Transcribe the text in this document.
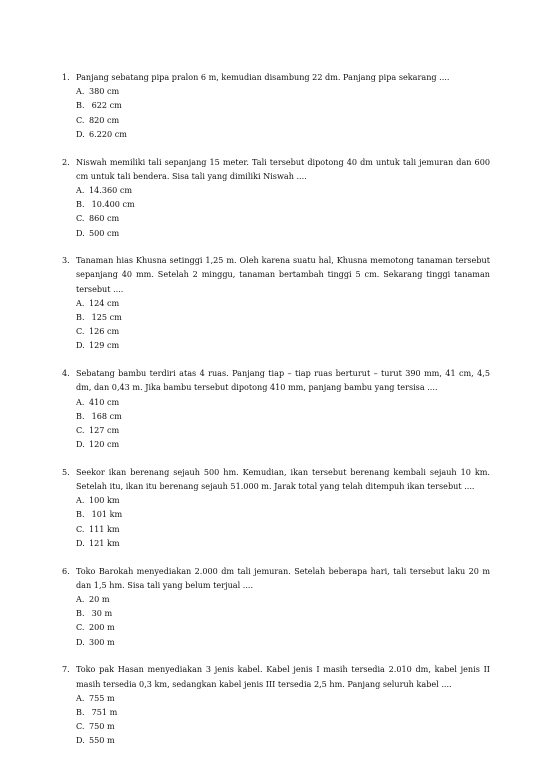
1. Panjang sebatang pipa pralon 6 m, kemudian disambung 22 dm. Panjang pipa sekarang ....
A. 380 cm
B. 622 cm
C. 820 cm
D. 6.220 cm
2. Niswah memiliki tali sepanjang 15 meter. Tali tersebut dipotong 40 dm untuk tali jemuran dan 600 cm untuk tali bendera. Sisa tali yang dimiliki Niswah ....
A. 14.360 cm
B. 10.400 cm
C. 860 cm
D. 500 cm
3. Tanaman hias Khusna setinggi 1,25 m. Oleh karena suatu hal, Khusna memotong tanaman tersebut sepanjang 40 mm. Setelah 2 minggu, tanaman bertambah tinggi 5 cm. Sekarang tinggi tanaman tersebut ....
A. 124 cm
B. 125 cm
C. 126 cm
D. 129 cm
4. Sebatang bambu terdiri atas 4 ruas. Panjang tiap – tiap ruas berturut – turut 390 mm, 41 cm, 4,5 dm, dan 0,43 m. Jika bambu tersebut dipotong 410 mm, panjang bambu yang tersisa ....
A. 410 cm
B. 168 cm
C. 127 cm
D. 120 cm
5. Seekor ikan berenang sejauh 500 hm. Kemudian, ikan tersebut berenang kembali sejauh 10 km. Setelah itu, ikan itu berenang sejauh 51.000 m. Jarak total yang telah ditempuh ikan tersebut ....
A. 100 km
B. 101 km
C. 111 km
D. 121 km
6. Toko Barokah menyediakan 2.000 dm tali jemuran. Setelah beberapa hari, tali tersebut laku 20 m dan 1,5 hm. Sisa tali yang belum terjual ....
A. 20 m
B. 30 m
C. 200 m
D. 300 m
7. Toko pak Hasan menyediakan 3 jenis kabel. Kabel jenis I masih tersedia 2.010 dm, kabel jenis II masih tersedia 0,3 km, sedangkan kabel jenis III tersedia 2,5 hm. Panjang seluruh kabel ....
A. 755 m
B. 751 m
C. 750 m
D. 550 m
